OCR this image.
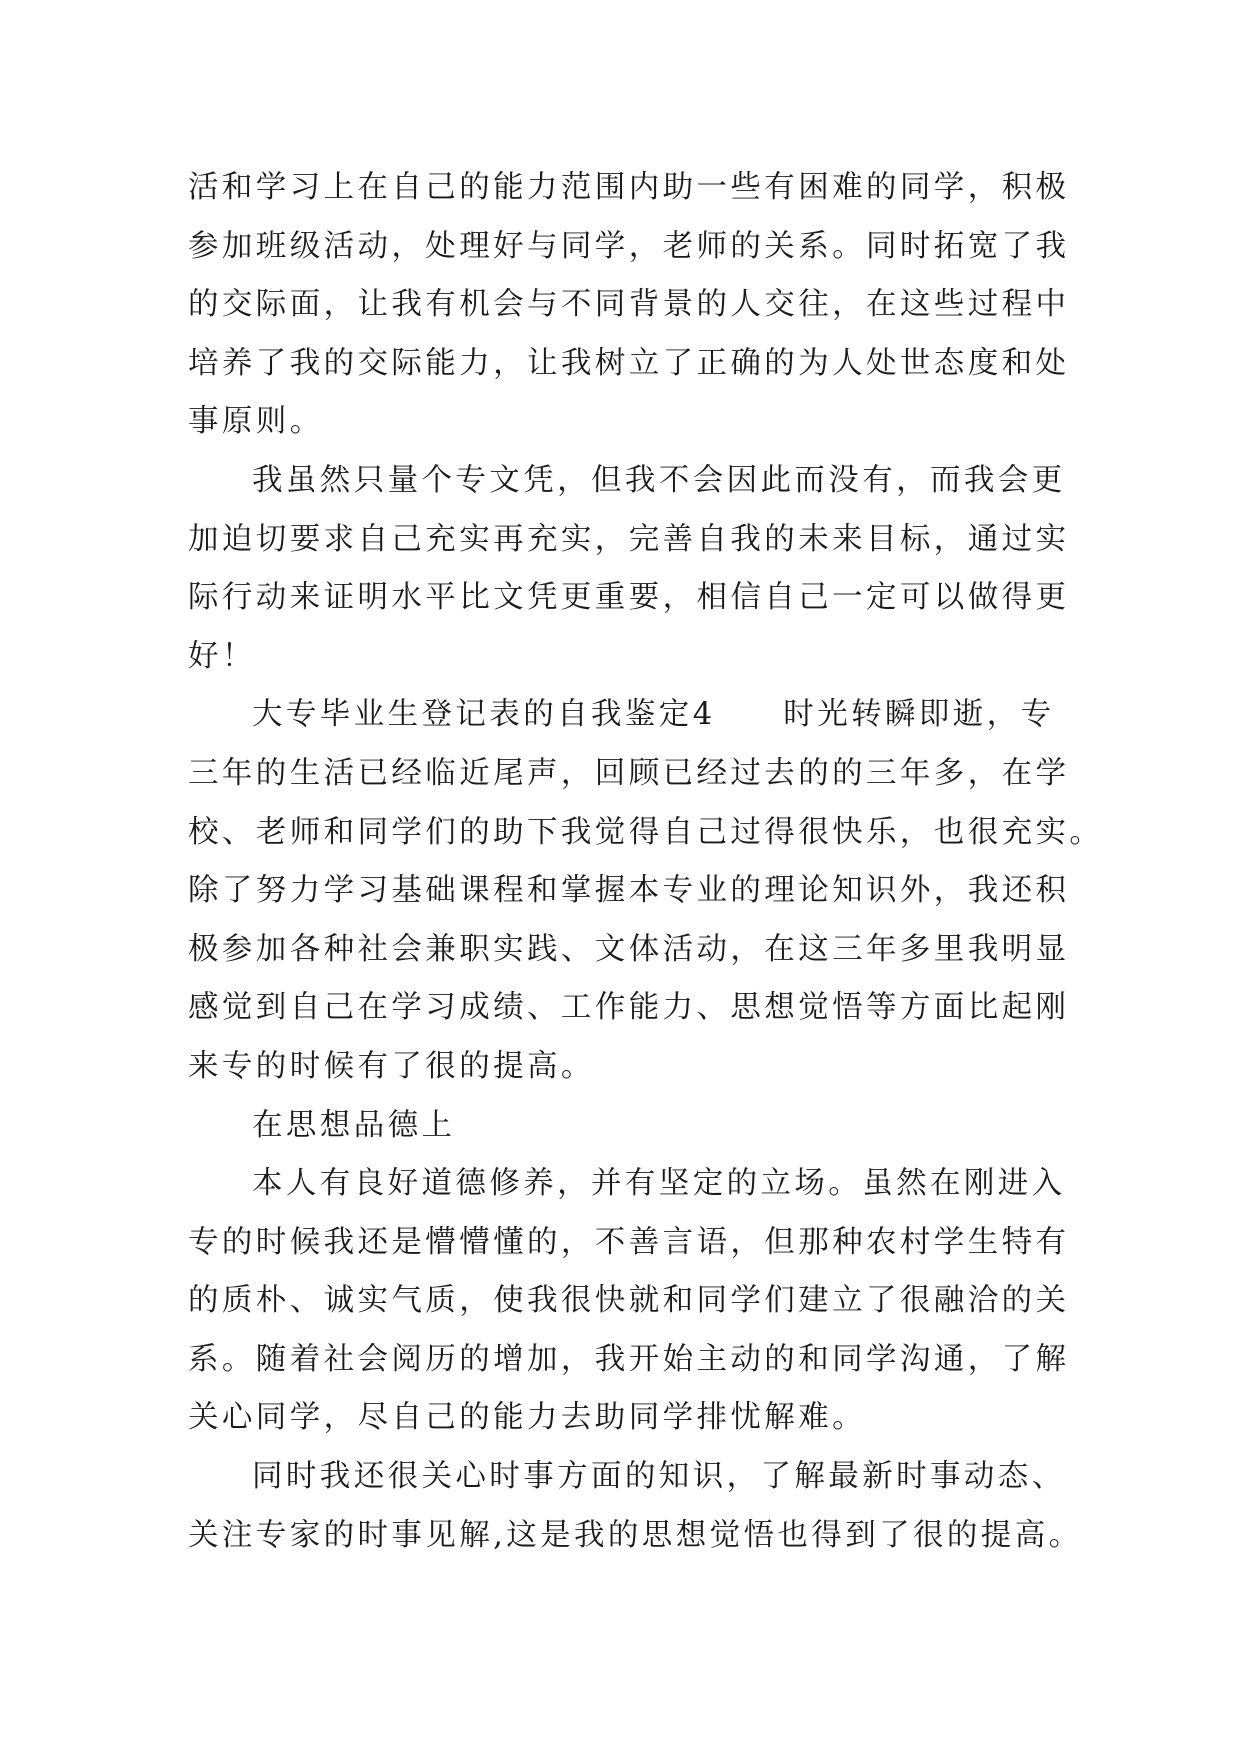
活和学习上在自己的能力范围内助一些有困难的同学，积极
参加班级活动，处理好与同学，老师的关系。同时拓宽了我
的交际面，让我有机会与不同背景的人交往，在这些过程中
培养了我的交际能力，让我树立了正确的为人处世态度和处
事原则。

我虽然只量个专文凭，但我不会因此而没有，而我会更
加迫切要求自己充实再充实，完善自我的未来目标，通过实
际行动来证明水平比文凭更重要，相信自己一定可以做得更
好！

大专毕业生登记表的自我鉴定4　　时光转瞬即逝，专
三年的生活已经临近尾声，回顾已经过去的的三年多，在学
校、老师和同学们的助下我觉得自己过得很快乐，也很充实。
除了努力学习基础课程和掌握本专业的理论知识外，我还积
极参加各种社会兼职实践、文体活动，在这三年多里我明显
感觉到自己在学习成绩、工作能力、思想觉悟等方面比起刚
来专的时候有了很的提高。

在思想品德上

本人有良好道德修养，并有坚定的立场。虽然在刚进入
专的时候我还是懵懵懂的，不善言语，但那种农村学生特有
的质朴、诚实气质，使我很快就和同学们建立了很融洽的关
系。随着社会阅历的增加，我开始主动的和同学沟通，了解
关心同学，尽自己的能力去助同学排忧解难。

同时我还很关心时事方面的知识，了解最新时事动态、
关注专家的时事见解,这是我的思想觉悟也得到了很的提高。
